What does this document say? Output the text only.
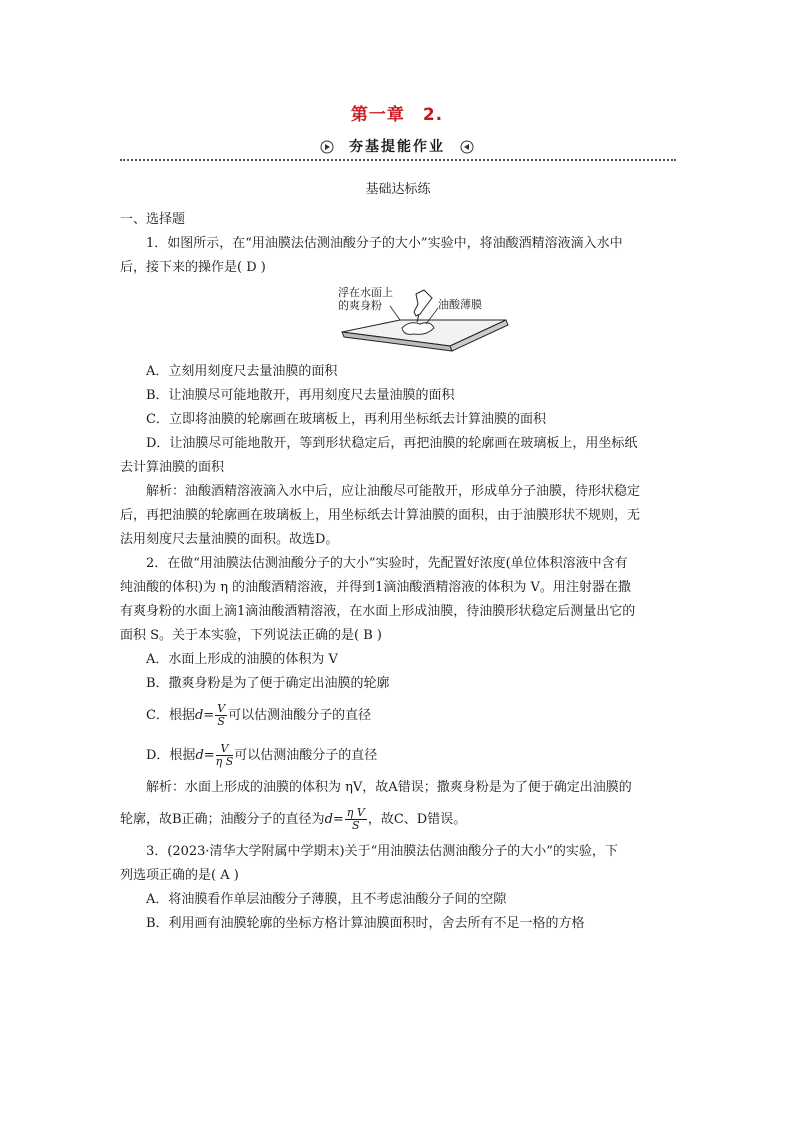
第一章　2.
夯基提能作业
基础达标练

一、选择题

1．如图所示，在“用油膜法估测油酸分子的大小”实验中，将油酸酒精溶液滴入水中

后，接下来的操作是( D )

浮在水面上
的爽身粉	油酸薄膜

A．立刻用刻度尺去量油膜的面积

B．让油膜尽可能地散开，再用刻度尺去量油膜的面积

C．立即将油膜的轮廓画在玻璃板上，再利用坐标纸去计算油膜的面积

D．让油膜尽可能地散开，等到形状稳定后，再把油膜的轮廓画在玻璃板上，用坐标纸

去计算油膜的面积

解析：油酸酒精溶液滴入水中后，应让油酸尽可能散开，形成单分子油膜，待形状稳定

后，再把油膜的轮廓画在玻璃板上，用坐标纸去计算油膜的面积，由于油膜形状不规则，无

法用刻度尺去量油膜的面积。故选D。

2．在做“用油膜法估测油酸分子的大小”实验时，先配置好浓度(单位体积溶液中含有

纯油酸的体积)为 η 的油酸酒精溶液，并得到1滴油酸酒精溶液的体积为 V。用注射器在撒

有爽身粉的水面上滴1滴油酸酒精溶液，在水面上形成油膜，待油膜形状稳定后测量出它的

面积 S。关于本实验，下列说法正确的是( B )

A．水面上形成的油膜的体积为 V

B．撒爽身粉是为了便于确定出油膜的轮廓

C．根据$d= \frac{V}{S}$ 可以估测油酸分子的直径

D．根据$d= \frac{V}{\text{η S}}$ 可以估测油酸分子的直径

解析：水面上形成的油膜的体积为 ηV，故A错误；撒爽身粉是为了便于确定出油膜的

轮廓，故B正确；油酸分子的直径为$d= \frac{\text{η V}}{S}$ ，故C、D错误。

3．(2023·清华大学附属中学期末)关于“用油膜法估测油酸分子的大小”的实验，下

列选项正确的是( A )

A．将油膜看作单层油酸分子薄膜，且不考虑油酸分子间的空隙

B．利用画有油膜轮廓的坐标方格计算油膜面积时，舍去所有不足一格的方格
